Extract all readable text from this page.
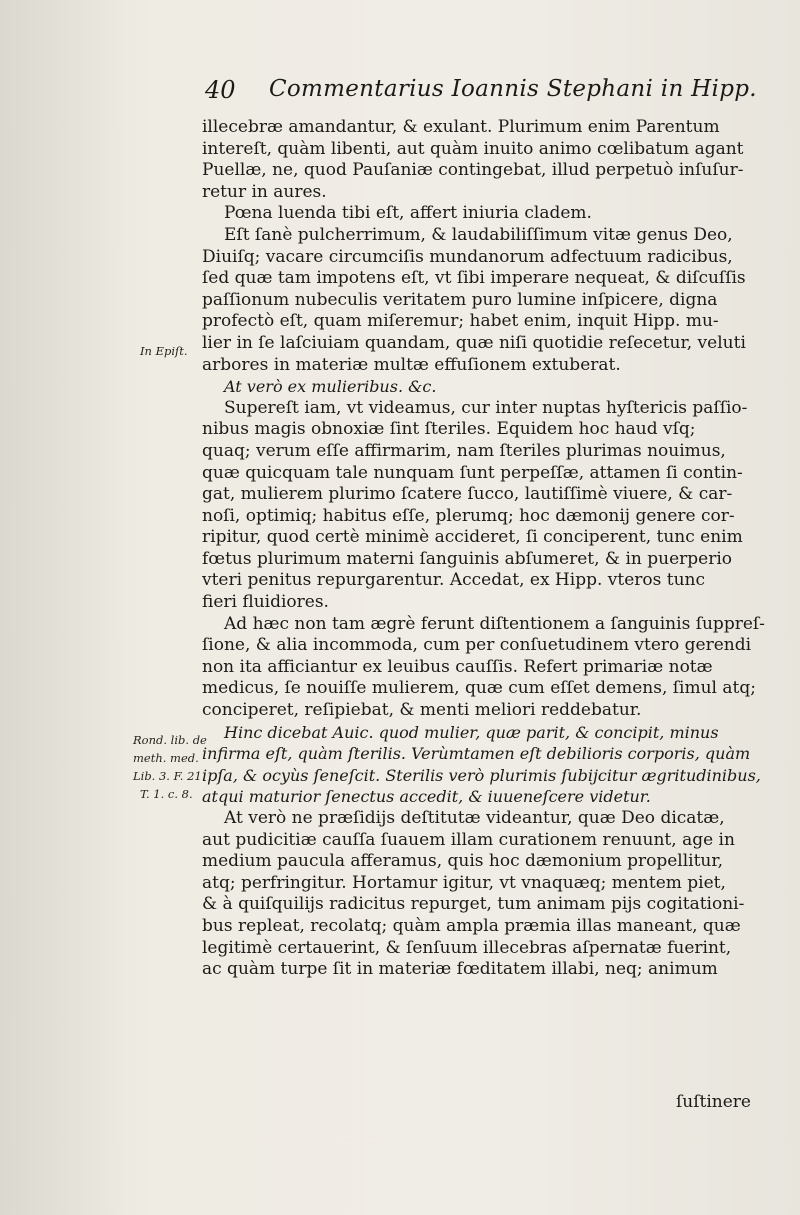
40 Commentarius Ioannis Stephani in Hipp.
In Epiſt.
Rond. lib. de
meth. med.
Lib. 3. F. 21.
T. 1. c. 8.
illecebræ amandantur, & exulant. Plurimum enim Parentum
intereſt, quàm libenti, aut quàm inuito animo cœlibatum agant
Puellæ, ne, quod Pauſaniæ contingebat, illud perpetuò inſuſur-
retur in aures.
Pœna luenda tibi eſt, affert iniuria cladem.
Eſt ſanè pulcherrimum, & laudabiliſſimum vitæ genus Deo,
Diuiſq; vacare circumciſis mundanorum adfectuum radicibus,
ſed quæ tam impotens eſt, vt ſibi imperare nequeat, & diſcuſſis
paſſionum nubeculis veritatem puro lumine inſpicere, digna
profectò eſt, quam miſeremur; habet enim, inquit Hipp. mu-
lier in ſe laſciuiam quandam, quæ niſi quotidie reſecetur, veluti
arbores in materiæ multæ effuſionem extuberat.
At verò ex mulieribus. &c.
Supereſt iam, vt videamus, cur inter nuptas hyſtericis paſſio-
nibus magis obnoxiæ ſint ſteriles. Equidem hoc haud vſq;
quaq; verum eſſe affirmarim, nam ſteriles plurimas nouimus,
quæ quicquam tale nunquam ſunt perpeſſæ, attamen ſi contin-
gat, mulierem plurimo ſcatere ſucco, lautiſſimè viuere, & car-
noſi, optimiq; habitus eſſe, plerumq; hoc dæmonij genere cor-
ripitur, quod certè minimè accideret, ſi conciperent, tunc enim
fœtus plurimum materni ſanguinis abſumeret, & in puerperio
vteri penitus repurgarentur. Accedat, ex Hipp. vteros tunc
fieri fluidiores.
Ad hæc non tam ægrè ferunt diſtentionem a ſanguinis ſuppreſ-
ſione, & alia incommoda, cum per conſuetudinem vtero gerendi
non ita afficiantur ex leuibus cauſſis. Refert primariæ notæ
medicus, ſe nouiſſe mulierem, quæ cum eſſet demens, ſimul atq;
conciperet, reſipiebat, & menti meliori reddebatur.
Hinc dicebat Auic. quod mulier, quæ parit, & concipit, minus
infirma eſt, quàm ſterilis. Verùmtamen eſt debilioris corporis, quàm
ipſa, & ocyùs ſeneſcit. Sterilis verò plurimis ſubijcitur ægritudinibus,
atqui maturior ſenectus accedit, & iuueneſcere videtur.
At verò ne præſidijs deſtitutæ videantur, quæ Deo dicatæ,
aut pudicitiæ cauſſa ſuauem illam curationem renuunt, age in
medium paucula afferamus, quis hoc dæmonium propellitur,
atq; perfringitur. Hortamur igitur, vt vnaquæq; mentem piet,
& à quiſquilijs radicitus repurget, tum animam pijs cogitationi-
bus repleat, recolatq; quàm ampla præmia illas maneant, quæ
legitimè certauerint, & ſenſuum illecebras aſpernatæ fuerint,
ac quàm turpe ſit in materiæ fœditatem illabi, neq; animum
ſuſtinere
